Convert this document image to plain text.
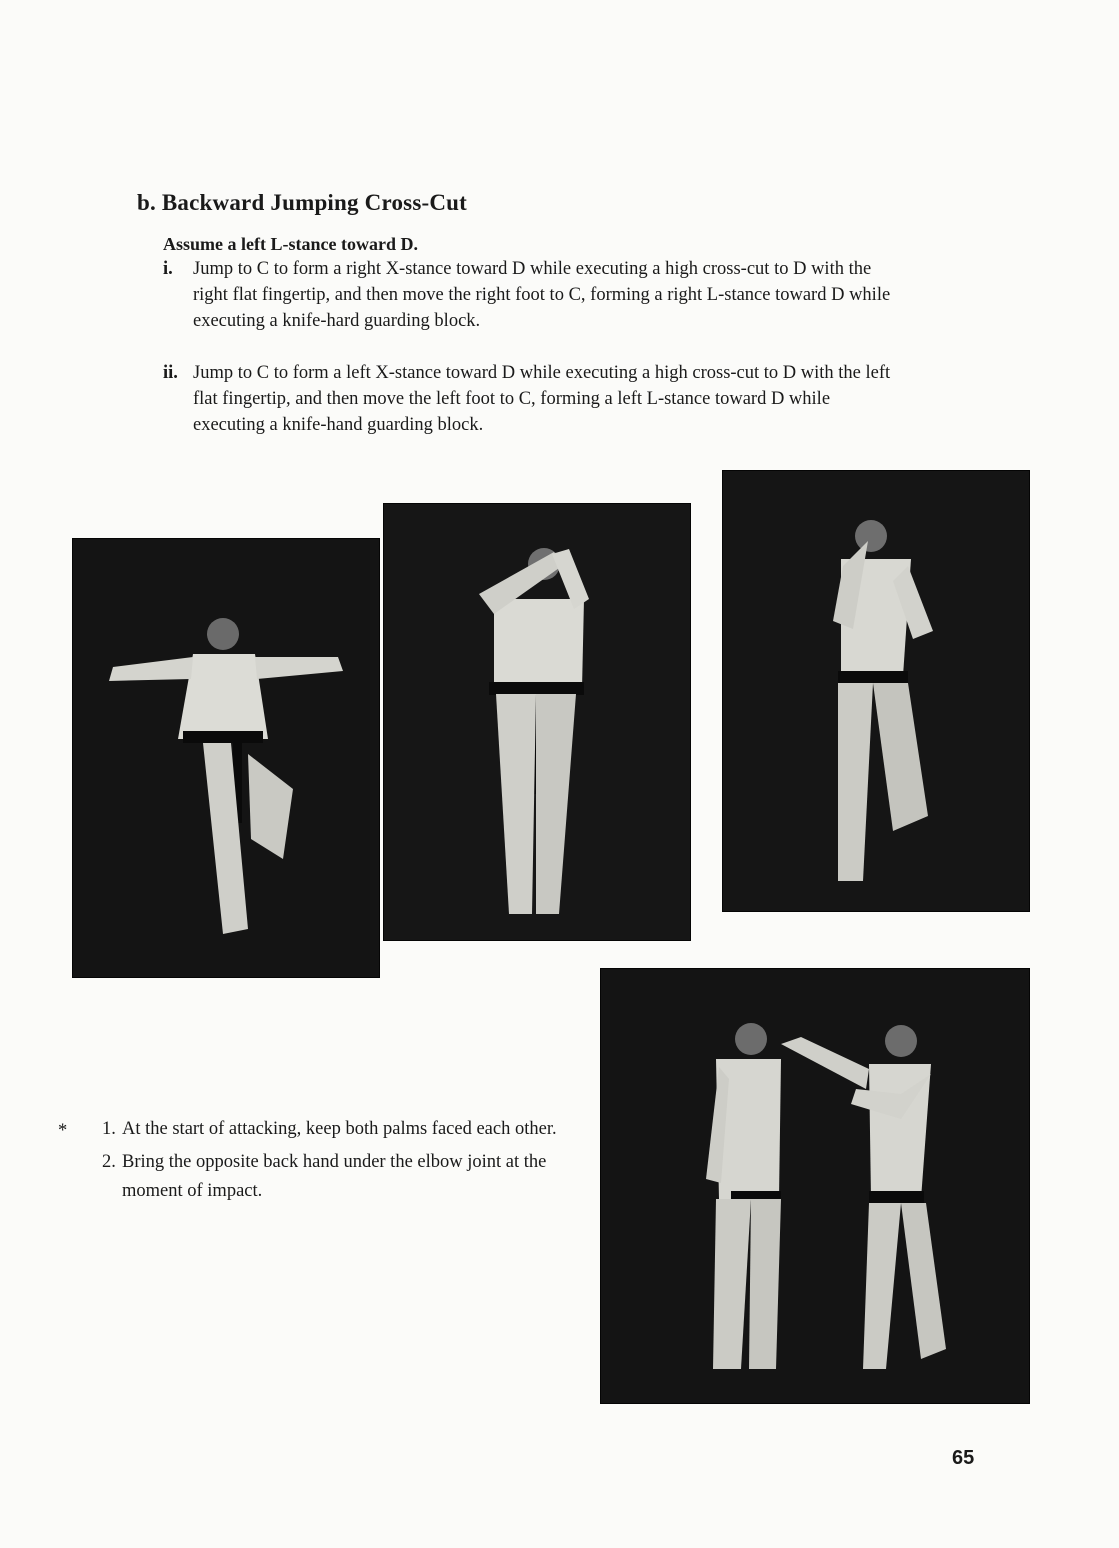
b. Backward Jumping Cross-Cut
Assume a left L-stance toward D.
i.	Jump to C to form a right X-stance toward D while executing a high cross-cut to D with the right flat fingertip, and then move the right foot to C, forming a right L-stance toward D while executing a knife-hard guarding block.
ii. Jump to C to form a left X-stance toward D while executing a high cross-cut to D with the left flat fingertip, and then move the left foot to C, forming a left L-stance toward D while executing a knife-hand guarding block.
* 1. At the start of attacking, keep both palms faced each other.
2. Bring the opposite back hand under the elbow joint at the moment of impact.
65
